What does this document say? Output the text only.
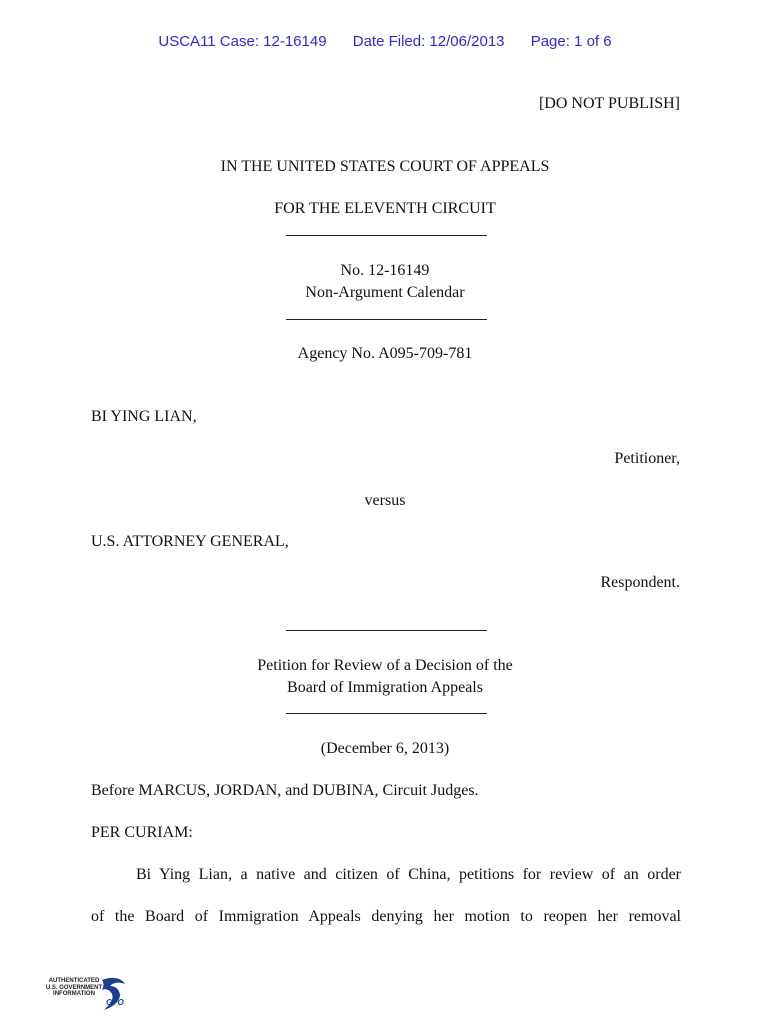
USCA11 Case: 12-16149 Date Filed: 12/06/2013 Page: 1 of 6
[DO NOT PUBLISH]
IN THE UNITED STATES COURT OF APPEALS
FOR THE ELEVENTH CIRCUIT
No. 12-16149
Non-Argument Calendar
Agency No. A095-709-781
BI YING LIAN,
Petitioner,
versus
U.S. ATTORNEY GENERAL,
Respondent.
Petition for Review of a Decision of the
Board of Immigration Appeals
(December 6, 2013)
Before MARCUS, JORDAN, and DUBINA, Circuit Judges.
PER CURIAM:
Bi Ying Lian, a native and citizen of China, petitions for review of an order
of the Board of Immigration Appeals denying her motion to reopen her removal
AUTHENTICATED U.S. GOVERNMENT INFORMATION
GPO
